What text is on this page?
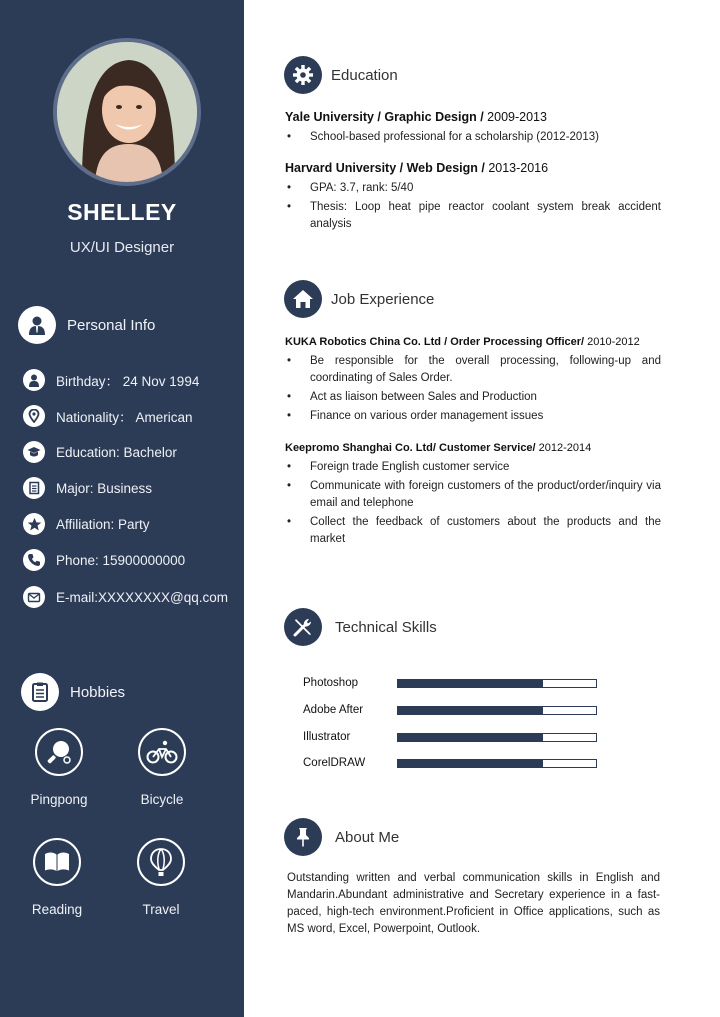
SHELLEY
UX/UI Designer
Personal Info
Birthday： 24 Nov 1994
Nationality： American
Education: Bachelor
Major: Business
Affiliation: Party
Phone: 15900000000
E-mail:XXXXXXXX@qq.com
Hobbies
Pingpong	Bicycle
Reading	Travel
Education
Yale University / Graphic Design / 2009-2013
• School-based professional for a scholarship (2012-2013)
Harvard University / Web Design / 2013-2016
• GPA: 3.7, rank: 5/40
• Thesis: Loop heat pipe reactor coolant system break accident analysis
Job Experience
KUKA Robotics China Co. Ltd / Order Processing Officer/ 2010-2012
• Be responsible for the overall processing, following-up and coordinating of Sales Order.
• Act as liaison between Sales and Production
• Finance on various order management issues
Keepromo Shanghai Co. Ltd/ Customer Service/ 2012-2014
• Foreign trade English customer service
• Communicate with foreign customers of the product/order/inquiry via email and telephone
• Collect the feedback of customers about the products and the market
Technical Skills
Photoshop
Adobe After
Illustrator
CorelDRAW
About Me
Outstanding written and verbal communication skills in English and Mandarin.Abundant administrative and Secretary experience in a fast-paced, high-tech environment.Proficient in Office applications, such as MS word, Excel, Powerpoint, Outlook.
